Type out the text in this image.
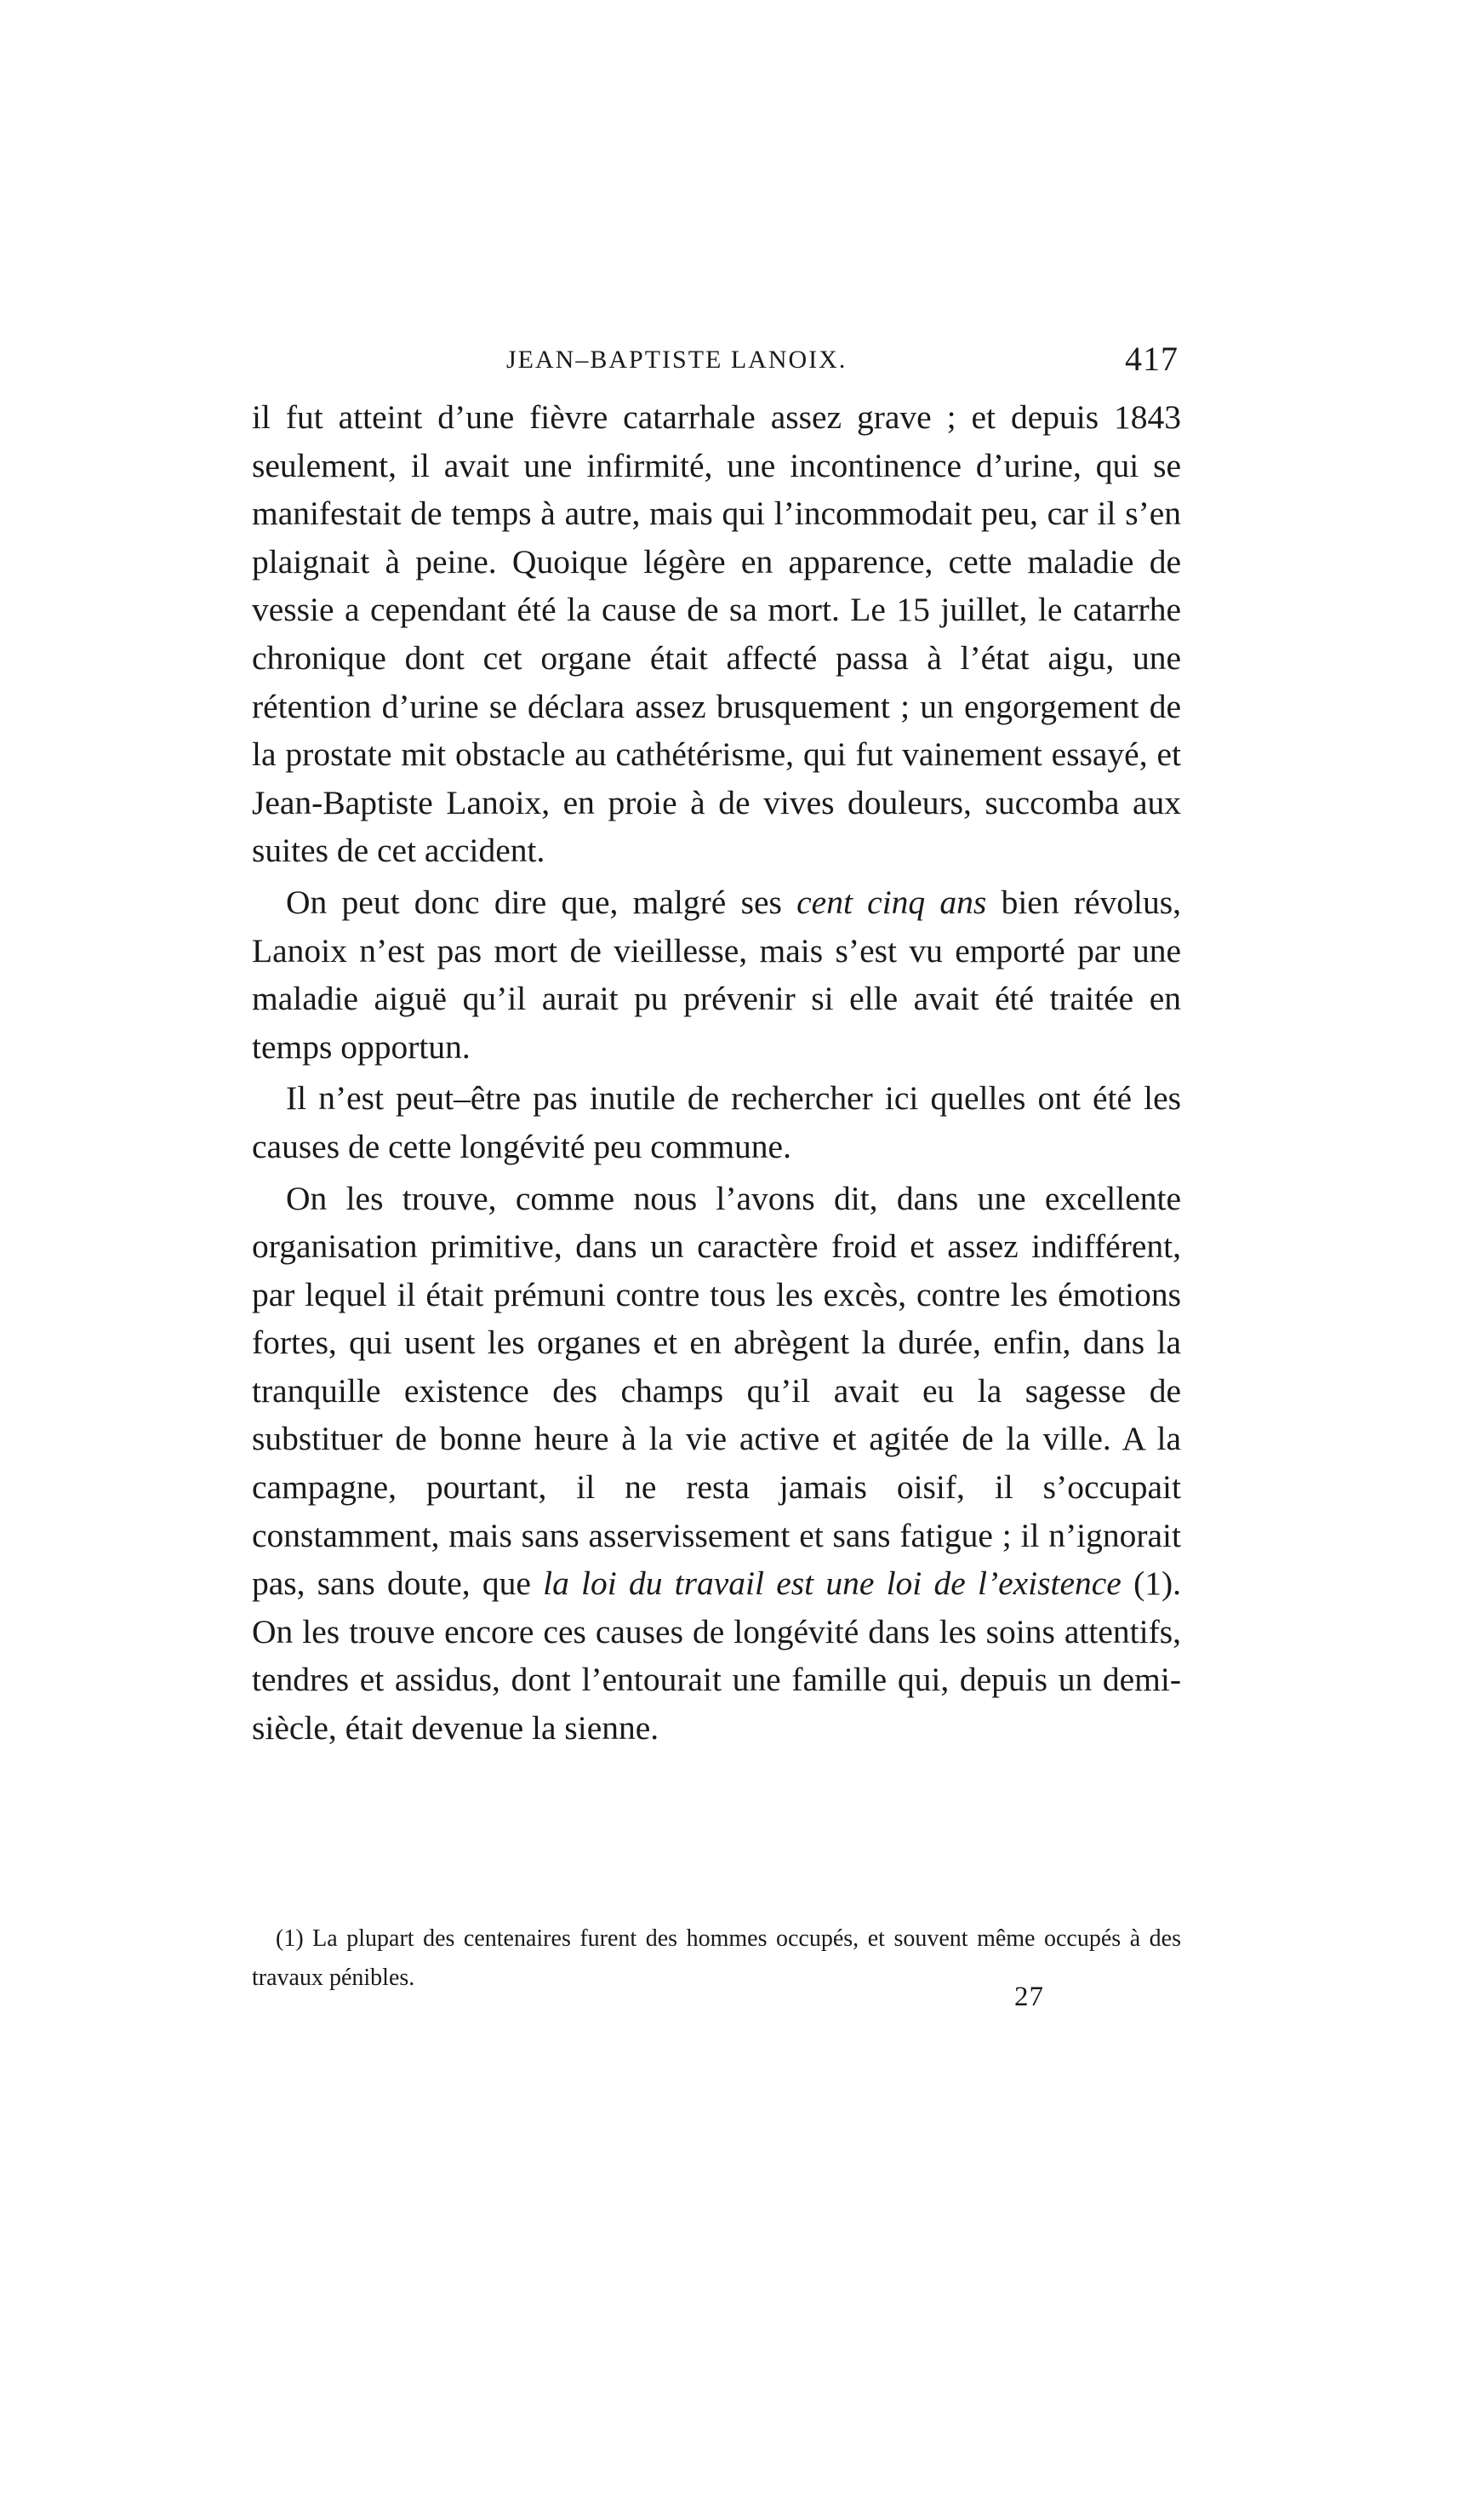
JEAN–BAPTISTE LANOIX.	417

il fut atteint d’une fièvre catarrhale assez grave ; et depuis 1843 seulement, il avait une infirmité, une incontinence d’urine, qui se manifestait de temps à autre, mais qui l’incommodait peu, car il s’en plaignait à peine. Quoique légère en apparence, cette maladie de vessie a cependant été la cause de sa mort. Le 15 juillet, le catarrhe chronique dont cet organe était affecté passa à l’état aigu, une rétention d’urine se déclara assez brusquement ; un engorgement de la prostate mit obstacle au cathétérisme, qui fut vainement essayé, et Jean-Baptiste Lanoix, en proie à de vives douleurs, succomba aux suites de cet accident.

On peut donc dire que, malgré ses cent cinq ans bien révolus, Lanoix n’est pas mort de vieillesse, mais s’est vu emporté par une maladie aiguë qu’il aurait pu prévenir si elle avait été traitée en temps opportun.

Il n’est peut–être pas inutile de rechercher ici quelles ont été les causes de cette longévité peu commune.

On les trouve, comme nous l’avons dit, dans une excellente organisation primitive, dans un caractère froid et assez indifférent, par lequel il était prémuni contre tous les excès, contre les émotions fortes, qui usent les organes et en abrègent la durée, enfin, dans la tranquille existence des champs qu’il avait eu la sagesse de substituer de bonne heure à la vie active et agitée de la ville. A la campagne, pourtant, il ne resta jamais oisif, il s’occupait constamment, mais sans asservissement et sans fatigue ; il n’ignorait pas, sans doute, que la loi du travail est une loi de l’existence (1). On les trouve encore ces causes de longévité dans les soins attentifs, tendres et assidus, dont l’entourait une famille qui, depuis un demi-siècle, était devenue la sienne.

(1) La plupart des centenaires furent des hommes occupés, et souvent même occupés à des travaux pénibles.
27
